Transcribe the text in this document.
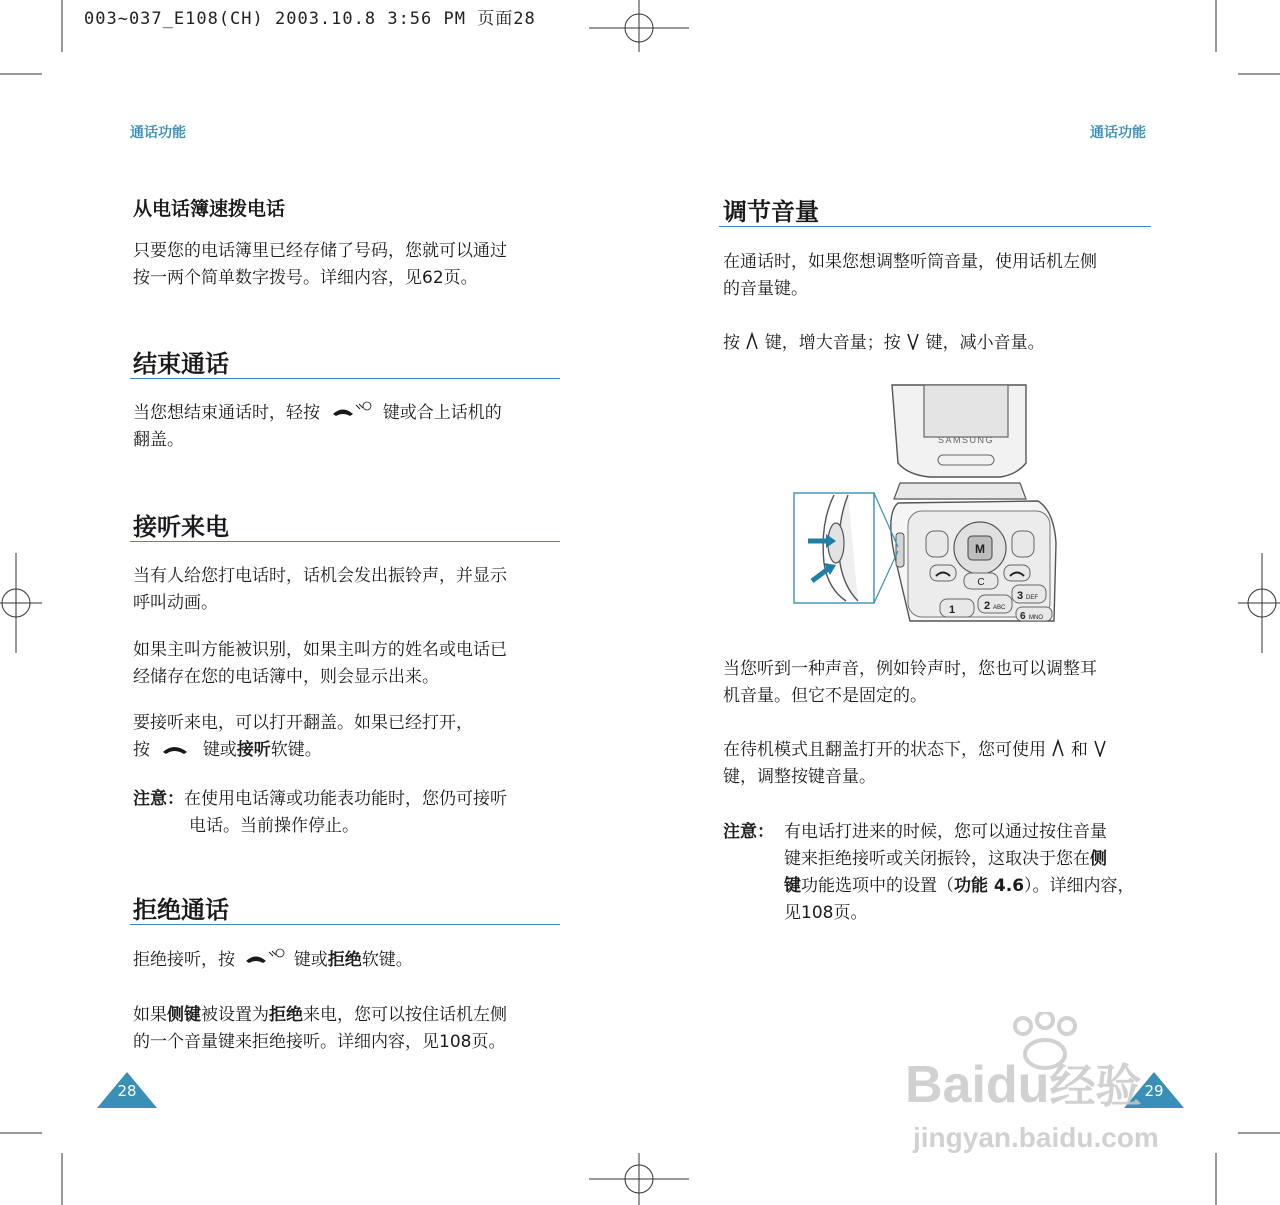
003~037_E108(CH) 2003.10.8 3:56 PM 页面28
通话功能	通话功能
从电话簿速拨电话
只要您的电话簿里已经存储了号码，您就可以通过
按一两个简单数字拨号。详细内容，见62页。
结束通话
当您想结束通话时，轻按	键或合上话机的
翻盖。
接听来电
当有人给您打电话时，话机会发出振铃声，并显示
呼叫动画。
如果主叫方能被识别，如果主叫方的姓名或电话已
经储存在您的电话簿中，则会显示出来。
要接听来电，可以打开翻盖。如果已经打开，
按	键或接听软键。
注意：在使用电话簿或功能表功能时，您仍可接听
电话。当前操作停止。
拒绝通话
拒绝接听，按	键或拒绝软键。
如果侧键被设置为拒绝来电，您可以按住话机左侧
的一个音量键来拒绝接听。详细内容，见108页。
28
调节音量
在通话时，如果您想调整听筒音量，使用话机左侧
的音量键。
按 键，增大音量；按 键，减小音量。
SAMSUNG
M
C
1	2 ABC
3 DEF
6 MNO
当您听到一种声音，例如铃声时，您也可以调整耳
机音量。但它不是固定的。
在待机模式且翻盖打开的状态下，您可使用 和
键，调整按键音量。
注意： 有电话打进来的时候，您可以通过按住音量
键来拒绝接听或关闭振铃，这取决于您在侧
键功能选项中的设置（功能 4.6）。详细内容，
见108页。
29
Baidu经验
jingyan.baidu.com
